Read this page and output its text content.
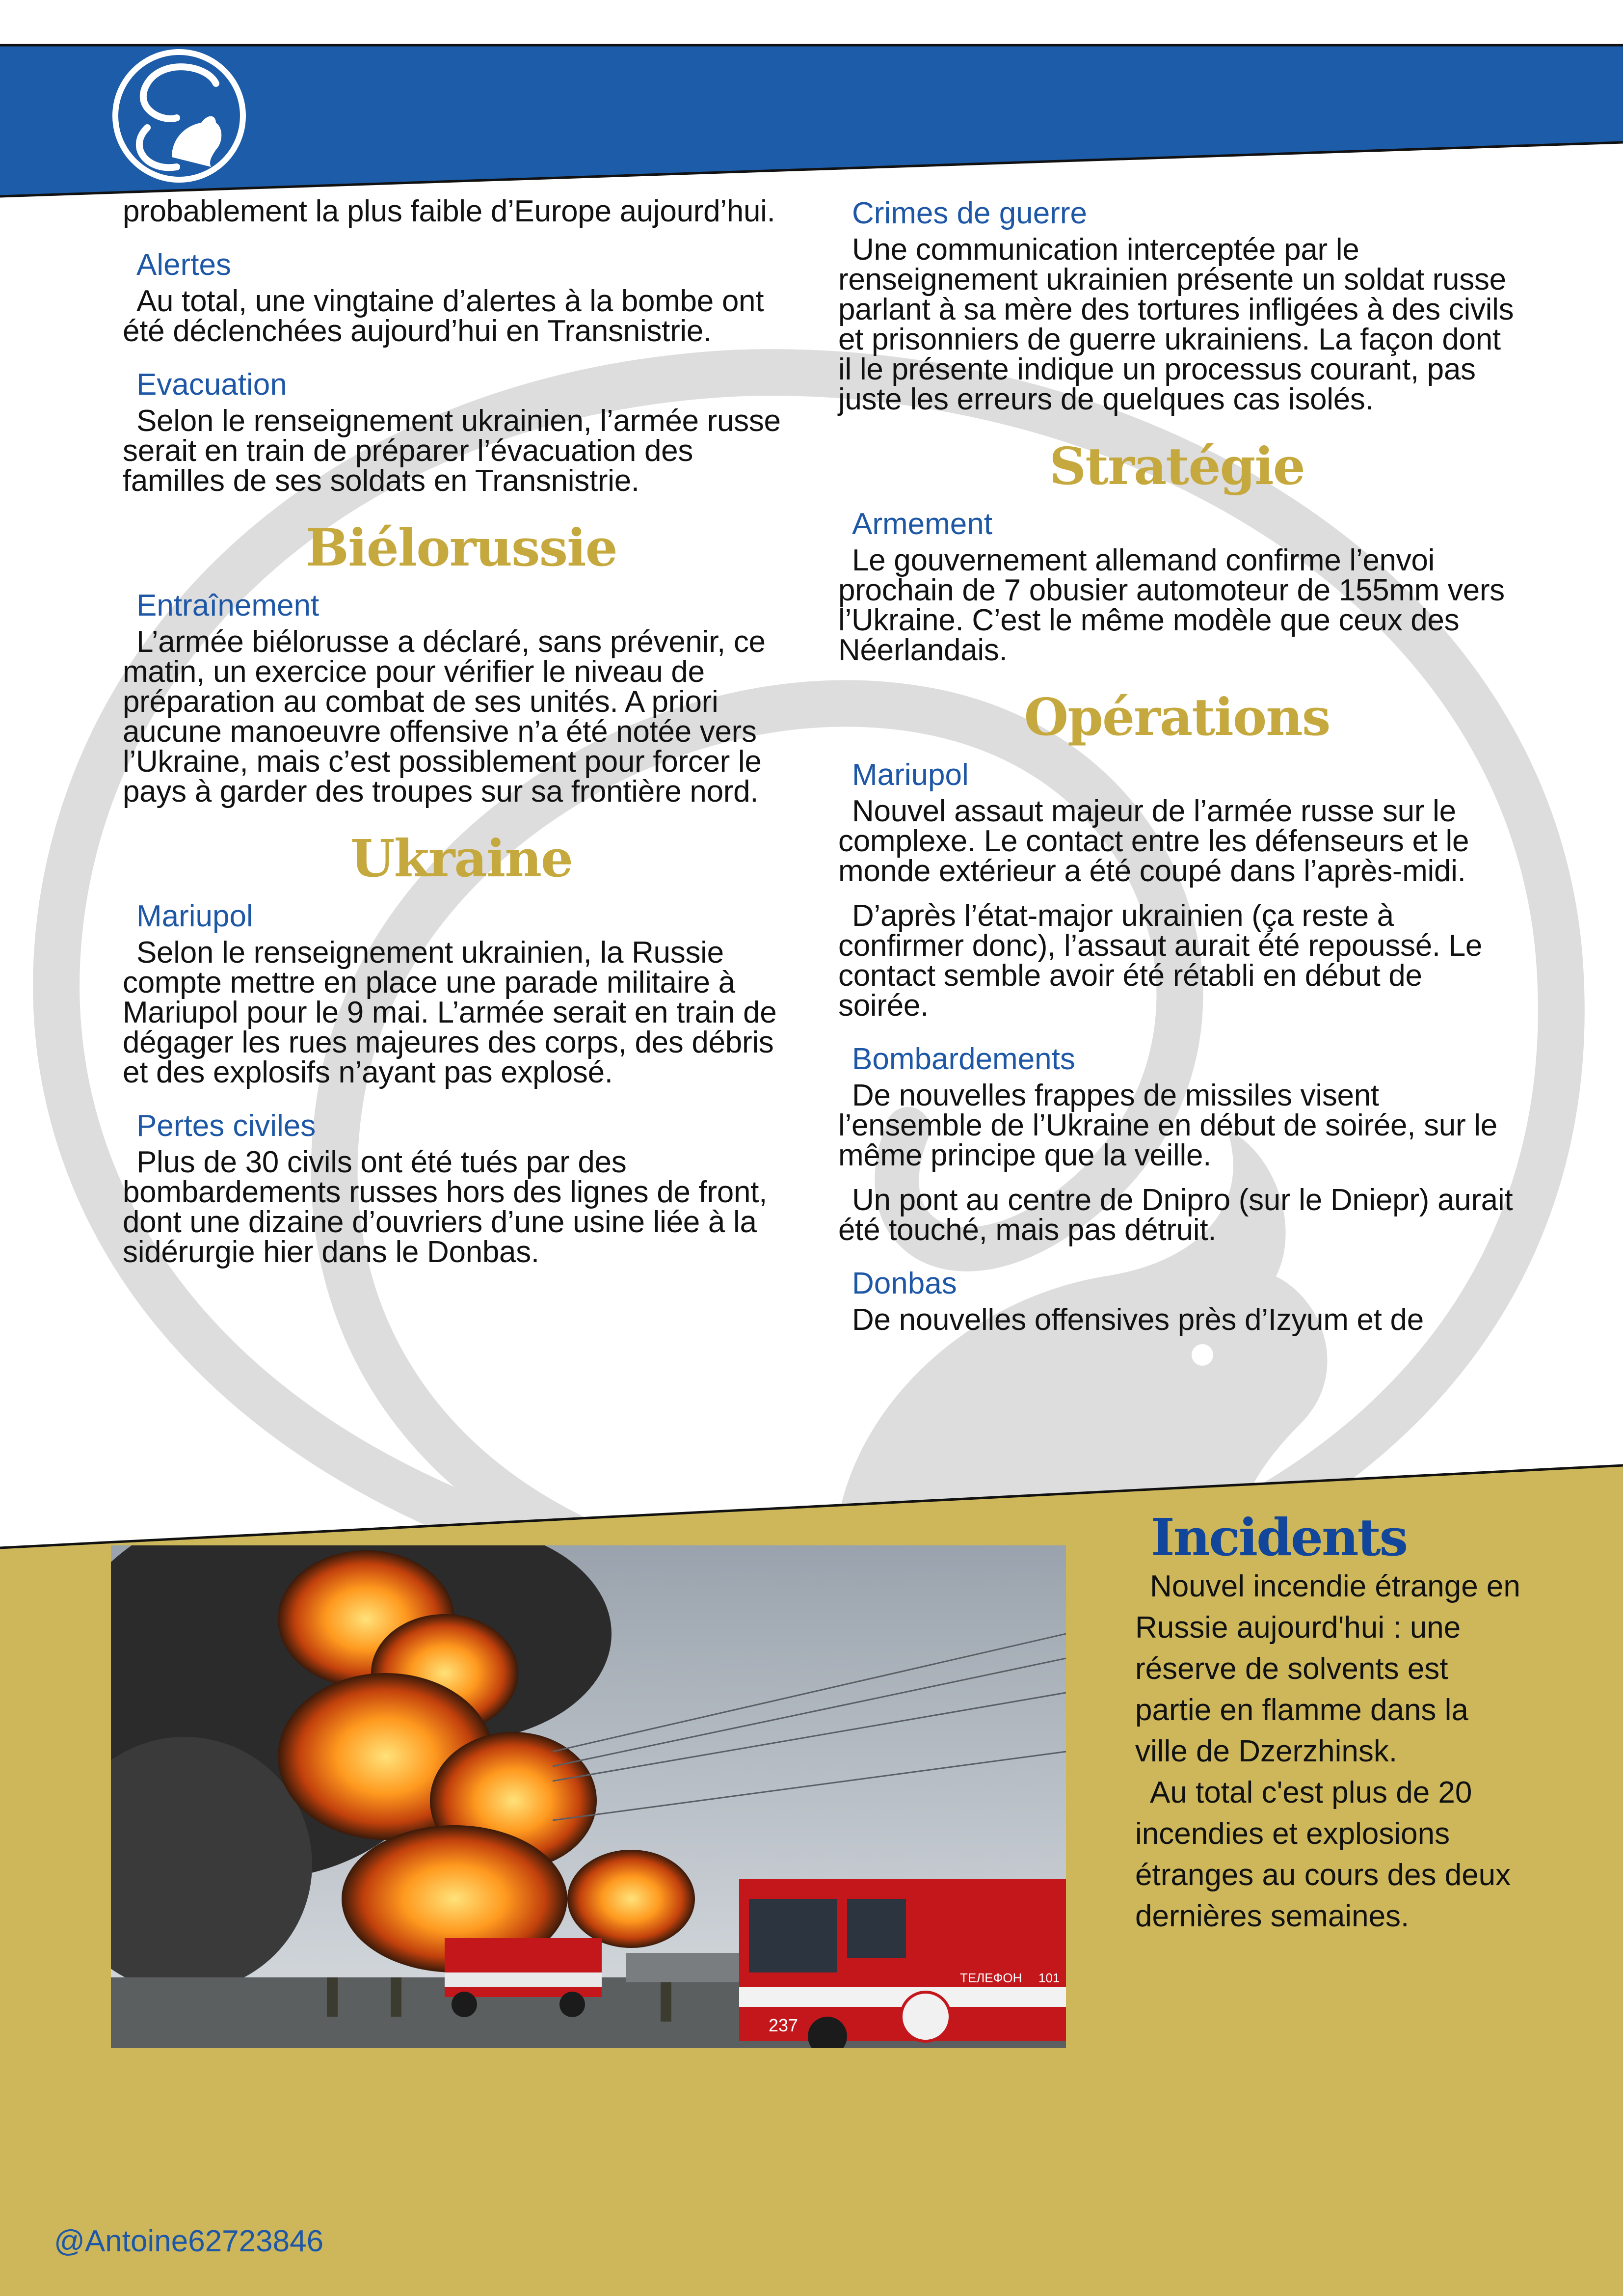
probablement la plus faible d’Europe aujourd’hui.

Alertes

Au total, une vingtaine d’alertes à la bombe ont été déclenchées aujourd’hui en Transnistrie.

Evacuation

Selon le renseignement ukrainien, l’armée russe serait en train de préparer l’évacuation des familles de ses soldats en Transnistrie.

Biélorussie
Entraînement

L’armée biélorusse a déclaré, sans prévenir, ce matin, un exercice pour vérifier le niveau de préparation au combat de ses unités. A priori aucune manoeuvre offensive n’a été notée vers l’Ukraine, mais c’est possiblement pour forcer le pays à garder des troupes sur sa frontière nord.

Ukraine
Mariupol

Selon le renseignement ukrainien, la Russie compte mettre en place une parade militaire à Mariupol pour le 9 mai. L’armée serait en train de dégager les rues majeures des corps, des débris et des explosifs n’ayant pas explosé.

Pertes civiles

Plus de 30 civils ont été tués par des bombardements russes hors des lignes de front, dont une dizaine d’ouvriers d’une usine liée à la sidérurgie hier dans le Donbas.

Crimes de guerre

Une communication interceptée par le renseignement ukrainien présente un soldat russe parlant à sa mère des tortures infligées à des civils et prisonniers de guerre ukrainiens. La façon dont il le présente indique un processus courant, pas juste les erreurs de quelques cas isolés.

Stratégie
Armement

Le gouvernement allemand confirme l’envoi prochain de 7 obusier automoteur de 155mm vers l’Ukraine. C’est le même modèle que ceux des Néerlandais.

Opérations
Mariupol

Nouvel assaut majeur de l’armée russe sur le complexe. Le contact entre les défenseurs et le monde extérieur a été coupé dans l’après-midi.

D’après l’état-major ukrainien (ça reste à confirmer donc), l’assaut aurait été repoussé. Le contact semble avoir été rétabli en début de soirée.

Bombardements

De nouvelles frappes de missiles visent l’ensemble de l’Ukraine en début de soirée, sur le même principe que la veille.

Un pont au centre de Dnipro (sur le Dniepr) aurait été touché, mais pas détruit.

Donbas

De nouvelles offensives près d’Izyum et de

237
ТЕЛЕФОН 101
Incidents

Nouvel incendie étrange en Russie aujourd'hui : une réserve de solvents est partie en flamme dans la ville de Dzerzhinsk.

Au total c'est plus de 20 incendies et explosions étranges au cours des deux dernières semaines.

@Antoine62723846
